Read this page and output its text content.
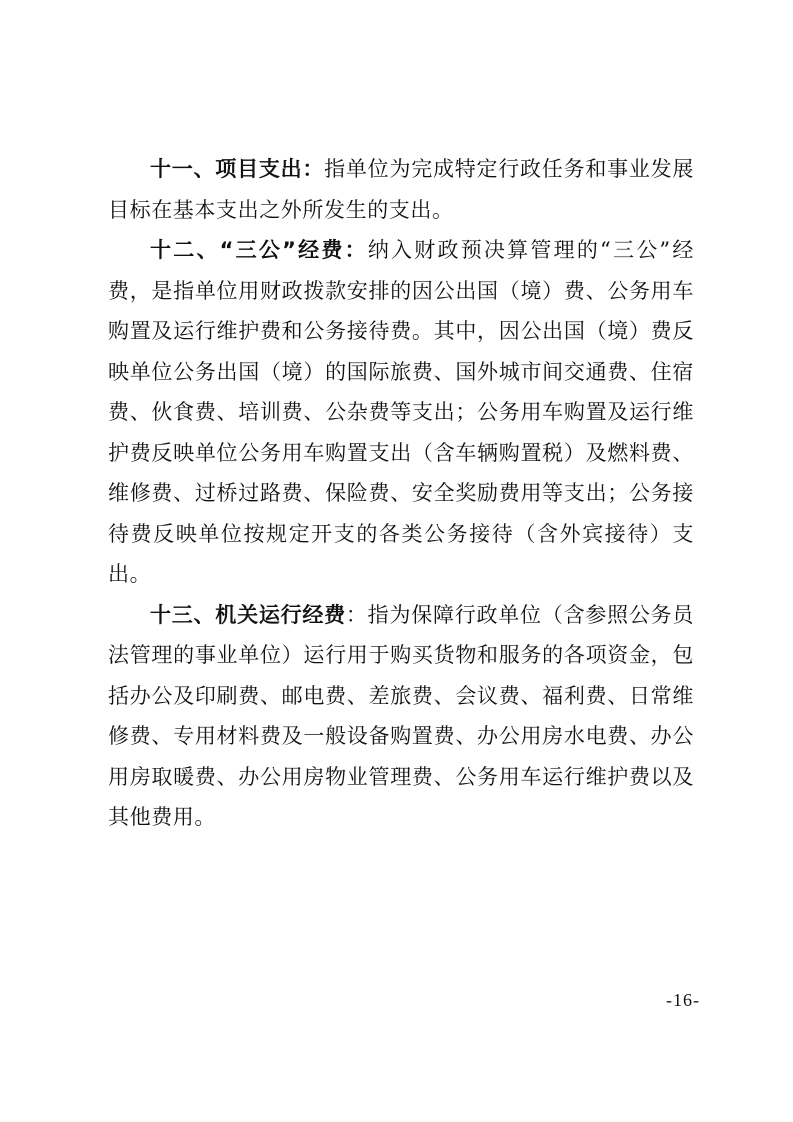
十一、项目支出：指单位为完成特定行政任务和事业发展目标在基本支出之外所发生的支出。

十二、“三公”经费：纳入财政预决算管理的“三公”经费，是指单位用财政拨款安排的因公出国（境）费、公务用车购置及运行维护费和公务接待费。其中，因公出国（境）费反映单位公务出国（境）的国际旅费、国外城市间交通费、住宿费、伙食费、培训费、公杂费等支出；公务用车购置及运行维护费反映单位公务用车购置支出（含车辆购置税）及燃料费、维修费、过桥过路费、保险费、安全奖励费用等支出；公务接待费反映单位按规定开支的各类公务接待（含外宾接待）支出。

十三、机关运行经费：指为保障行政单位（含参照公务员法管理的事业单位）运行用于购买货物和服务的各项资金，包括办公及印刷费、邮电费、差旅费、会议费、福利费、日常维修费、专用材料费及一般设备购置费、办公用房水电费、办公用房取暖费、办公用房物业管理费、公务用车运行维护费以及其他费用。

-16-
